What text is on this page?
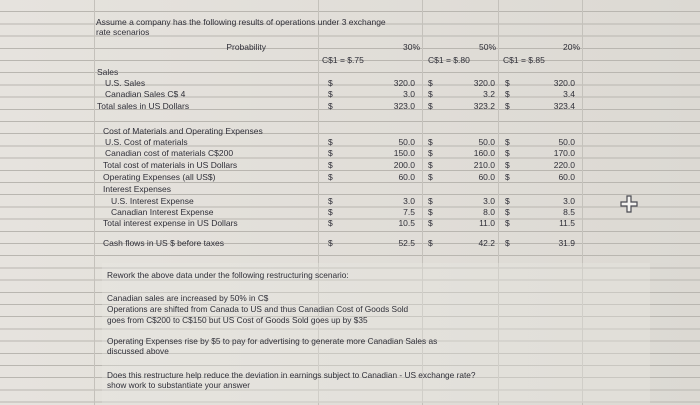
Assume a company has the following results of operations under 3 exchange
rate scenarios
Probability	30%	50%	20%
C$1 = $.75	C$1 = $.80	C$1 = $.85
Sales
U.S. Sales	$	320.0 $	320.0 $	320.0
Canadian Sales C$ 4	$	3.0 $	3.2 $	3.4
Total sales in US Dollars	$	323.0 $	323.2 $	323.4
Cost of Materials and Operating Expenses
U.S. Cost of materials	$	50.0 $	50.0 $	50.0
Canadian cost of materials C$200	$	150.0 $	160.0 $	170.0
Total cost of materials in US Dollars	$	200.0 $	210.0 $	220.0
Operating Expenses (all US$)	$	60.0 $	60.0 $	60.0
Interest Expenses
U.S. Interest Expense	$	3.0 $	3.0 $	3.0
Canadian Interest Expense	$	7.5 $	8.0 $	8.5
Total interest expense in US Dollars	$	10.5 $	11.0 $	11.5
Cash flows in US $ before taxes	$	52.5 $	42.2 $	31.9
Rework the above data under the following restructuring scenario:
Canadian sales are increased by 50% in C$
Operations are shifted from Canada to US and thus Canadian Cost of Goods Sold
goes from C$200 to C$150 but US Cost of Goods Sold goes up by $35
Operating Expenses rise by $5 to pay for advertising to generate more Canadian Sales as
discussed above
Does this restructure help reduce the deviation in earnings subject to Canadian - US exchange rate?
show work to substantiate your answer
